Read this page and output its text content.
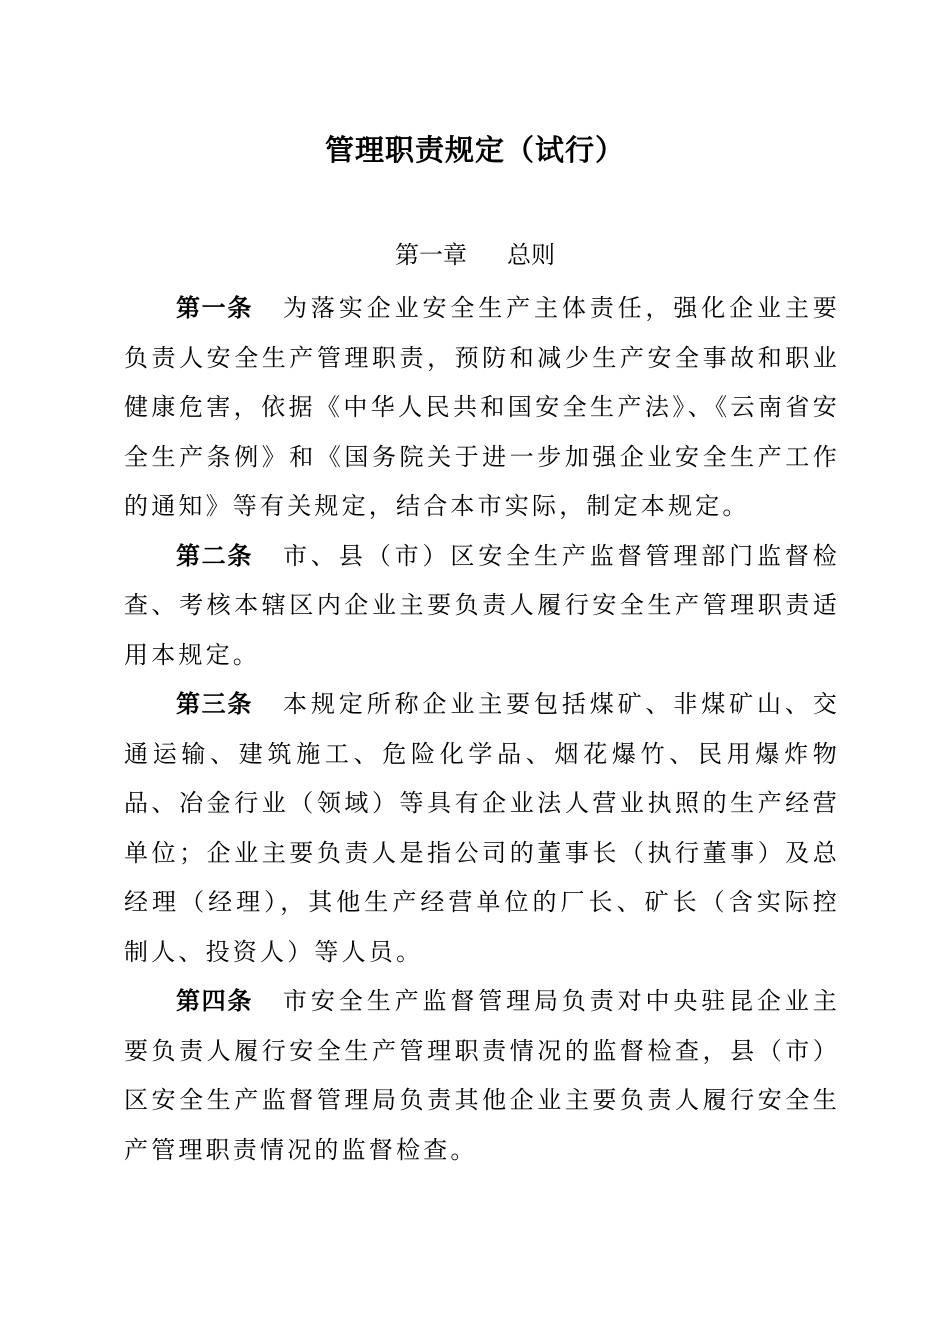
管理职责规定（试行）
第一章 总则

第一条 为落实企业安全生产主体责任，强化企业主要负责人安全生产管理职责，预防和减少生产安全事故和职业健康危害，依据《中华人民共和国安全生产法》、《云南省安全生产条例》和《国务院关于进一步加强企业安全生产工作的通知》等有关规定，结合本市实际，制定本规定。

第二条 市、县（市）区安全生产监督管理部门监督检查、考核本辖区内企业主要负责人履行安全生产管理职责适用本规定。

第三条 本规定所称企业主要包括煤矿、非煤矿山、交通运输、建筑施工、危险化学品、烟花爆竹、民用爆炸物品、冶金行业（领域）等具有企业法人营业执照的生产经营单位；企业主要负责人是指公司的董事长（执行董事）及总经理（经理），其他生产经营单位的厂长、矿长（含实际控制人、投资人）等人员。

第四条 市安全生产监督管理局负责对中央驻昆企业主要负责人履行安全生产管理职责情况的监督检查，县（市）区安全生产监督管理局负责其他企业主要负责人履行安全生产管理职责情况的监督检查。
